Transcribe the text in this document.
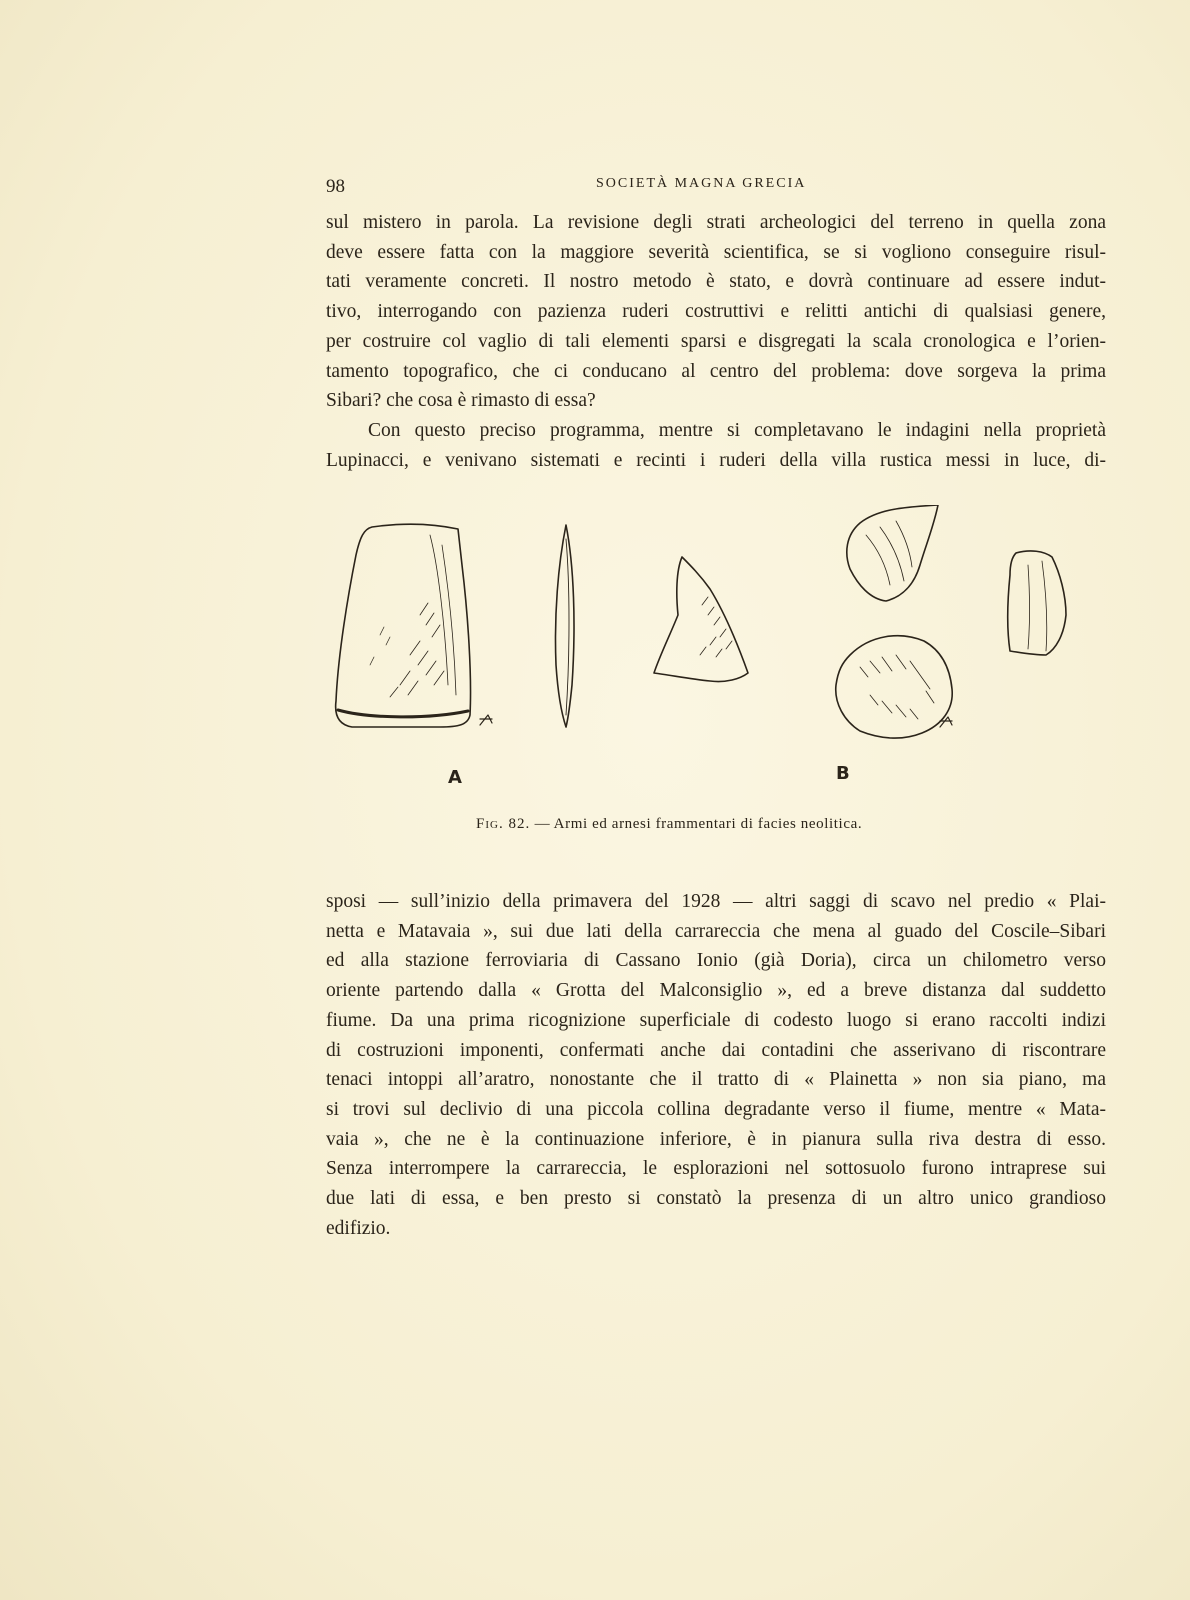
98	SOCIETÀ MAGNA GRECIA

sul mistero in parola. La revisione degli strati archeologici del terreno in quella zona
deve essere fatta con la maggiore severità scientifica, se si vogliono conseguire risul-
tati veramente concreti. Il nostro metodo è stato, e dovrà continuare ad essere indut-
tivo, interrogando con pazienza ruderi costruttivi e relitti antichi di qualsiasi genere,
per costruire col vaglio di tali elementi sparsi e disgregati la scala cronologica e l’orien-
tamento topografico, che ci conducano al centro del problema: dove sorgeva la prima
Sibari? che cosa è rimasto di essa?

Con questo preciso programma, mentre si completavano le indagini nella proprietà
Lupinacci, e venivano sistemati e recinti i ruderi della villa rustica messi in luce, di-

A	B
Fig. 82. — Armi ed arnesi frammentari di facies neolitica.

sposi — sull’inizio della primavera del 1928 — altri saggi di scavo nel predio « Plai-
netta e Matavaia », sui due lati della carrareccia che mena al guado del Coscile–Sibari
ed alla stazione ferroviaria di Cassano Ionio (già Doria), circa un chilometro verso
oriente partendo dalla « Grotta del Malconsiglio », ed a breve distanza dal suddetto
fiume. Da una prima ricognizione superficiale di codesto luogo si erano raccolti indizi
di costruzioni imponenti, confermati anche dai contadini che asserivano di riscontrare
tenaci intoppi all’aratro, nonostante che il tratto di « Plainetta » non sia piano, ma
si trovi sul declivio di una piccola collina degradante verso il fiume, mentre « Mata-
vaia », che ne è la continuazione inferiore, è in pianura sulla riva destra di esso.
Senza interrompere la carrareccia, le esplorazioni nel sottosuolo furono intraprese sui
due lati di essa, e ben presto si constatò la presenza di un altro unico grandioso
edifizio.
